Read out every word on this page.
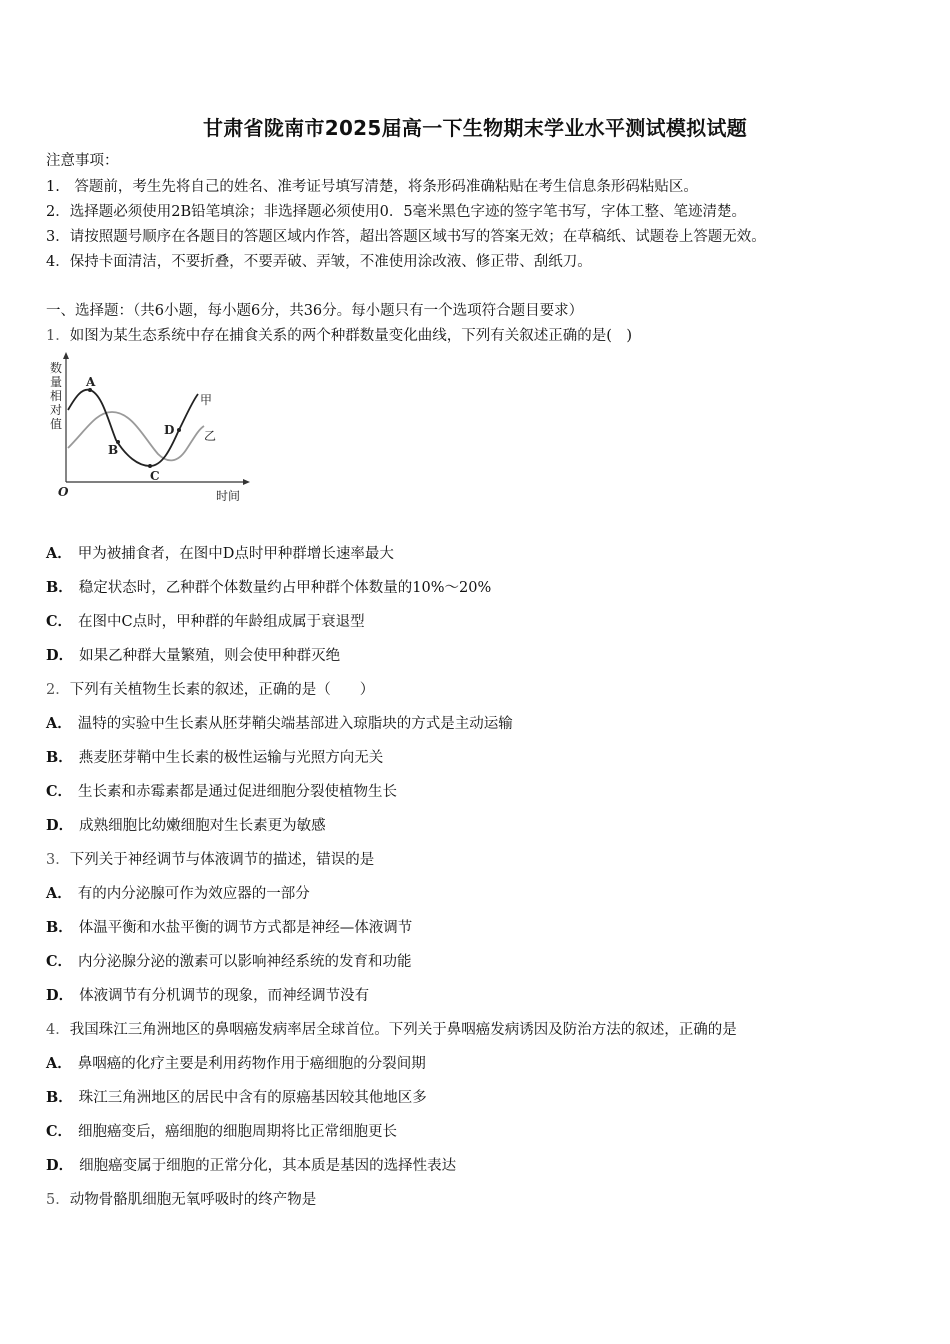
甘肃省陇南市2025届高一下生物期末学业水平测试模拟试题
注意事项：
1.　答题前，考生先将自己的姓名、准考证号填写清楚，将条形码准确粘贴在考生信息条形码粘贴区。
2．选择题必须使用2B铅笔填涂；非选择题必须使用0．5毫米黑色字迹的签字笔书写，字体工整、笔迹清楚。
3．请按照题号顺序在各题目的答题区域内作答，超出答题区域书写的答案无效；在草稿纸、试题卷上答题无效。
4．保持卡面清洁，不要折叠，不要弄破、弄皱，不准使用涂改液、修正带、刮纸刀。
一、选择题：（共6小题，每小题6分，共36分。每小题只有一个选项符合题目要求）
1．如图为某生态系统中存在捕食关系的两个种群数量变化曲线，下列有关叙述正确的是(　)
数
量
相
对
值
O	时间
A
B
C
D
甲
乙
A． 甲为被捕食者，在图中D点时甲种群增长速率最大
B． 稳定状态时，乙种群个体数量约占甲种群个体数量的10%～20%
C． 在图中C点时，甲种群的年龄组成属于衰退型
D． 如果乙种群大量繁殖，则会使甲种群灭绝
2．下列有关植物生长素的叙述，正确的是（　　）
A． 温特的实验中生长素从胚芽鞘尖端基部进入琼脂块的方式是主动运输
B． 燕麦胚芽鞘中生长素的极性运输与光照方向无关
C． 生长素和赤霉素都是通过促进细胞分裂使植物生长
D． 成熟细胞比幼嫩细胞对生长素更为敏感
3．下列关于神经调节与体液调节的描述，错误的是
A． 有的内分泌腺可作为效应器的一部分
B． 体温平衡和水盐平衡的调节方式都是神经—体液调节
C． 内分泌腺分泌的激素可以影响神经系统的发育和功能
D． 体液调节有分机调节的现象，而神经调节没有
4．我国珠江三角洲地区的鼻咽癌发病率居全球首位。下列关于鼻咽癌发病诱因及防治方法的叙述，正确的是
A． 鼻咽癌的化疗主要是利用药物作用于癌细胞的分裂间期
B． 珠江三角洲地区的居民中含有的原癌基因较其他地区多
C． 细胞癌变后，癌细胞的细胞周期将比正常细胞更长
D． 细胞癌变属于细胞的正常分化，其本质是基因的选择性表达
5．动物骨骼肌细胞无氧呼吸时的终产物是
